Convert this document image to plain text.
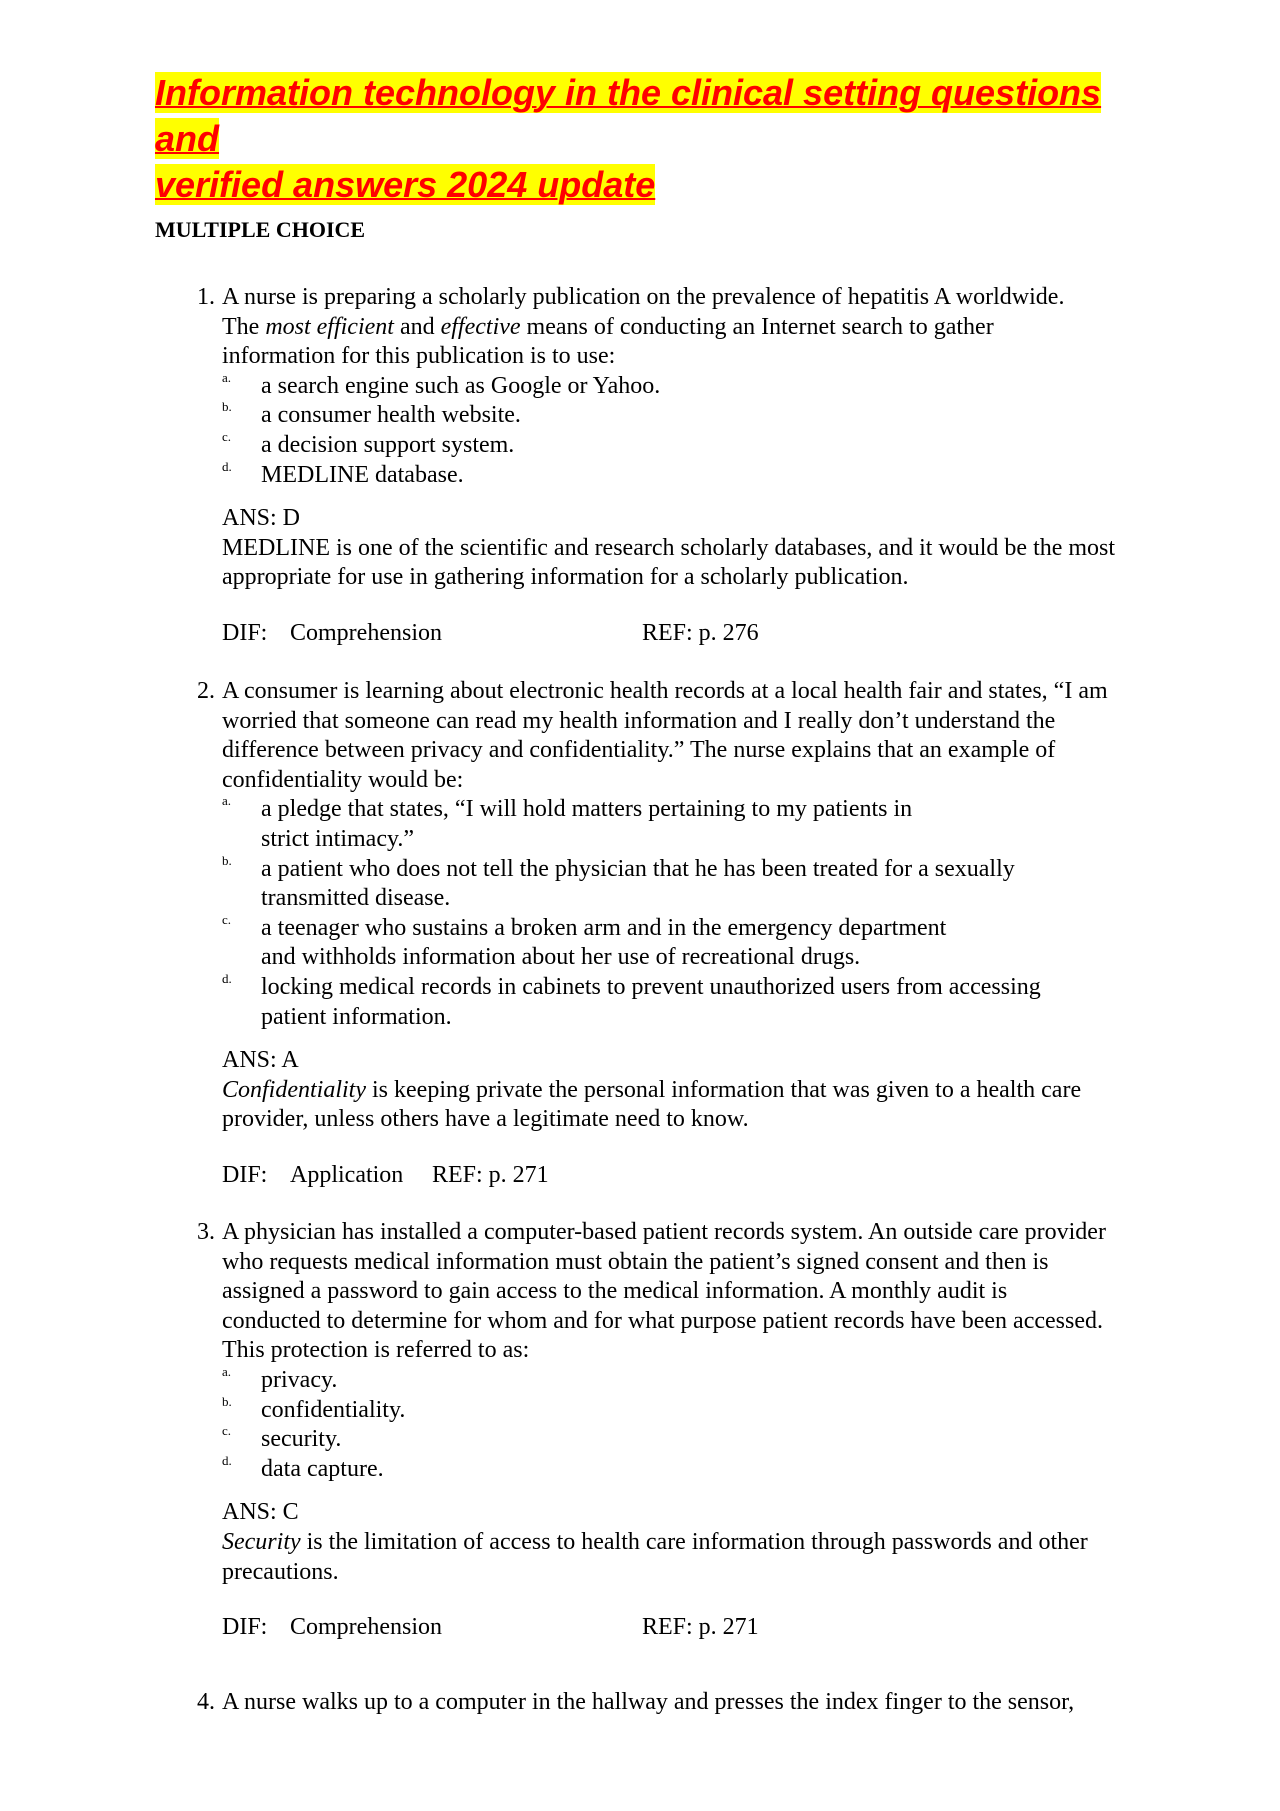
Information technology in the clinical setting questions and
verified answers 2024 update
MULTIPLE CHOICE
1. A nurse is preparing a scholarly publication on the prevalence of hepatitis A worldwide.
The most efficient and effective means of conducting an Internet search to gather
information for this publication is to use:
a. a search engine such as Google or Yahoo.
b. a consumer health website.
c. a decision support system.
d. MEDLINE database.
ANS: D
MEDLINE is one of the scientific and research scholarly databases, and it would be the most
appropriate for use in gathering information for a scholarly publication.
DIF: Comprehension	REF: p. 276
2. A consumer is learning about electronic health records at a local health fair and states, “I am
worried that someone can read my health information and I really don’t understand the
difference between privacy and confidentiality.” The nurse explains that an example of
confidentiality would be:
a. a pledge that states, “I will hold matters pertaining to my patients in
strict intimacy.”
b. a patient who does not tell the physician that he has been treated for a sexually
transmitted disease.
c. a teenager who sustains a broken arm and in the emergency department
and withholds information about her use of recreational drugs.
d. locking medical records in cabinets to prevent unauthorized users from accessing
patient information.
ANS: A
Confidentiality is keeping private the personal information that was given to a health care
provider, unless others have a legitimate need to know.
DIF: Application REF: p. 271
3. A physician has installed a computer-based patient records system. An outside care provider
who requests medical information must obtain the patient’s signed consent and then is
assigned a password to gain access to the medical information. A monthly audit is
conducted to determine for whom and for what purpose patient records have been accessed.
This protection is referred to as:
a. privacy.
b. confidentiality.
c. security.
d. data capture.
ANS: C
Security is the limitation of access to health care information through passwords and other
precautions.
DIF: Comprehension	REF: p. 271
4. A nurse walks up to a computer in the hallway and presses the index finger to the sensor,
